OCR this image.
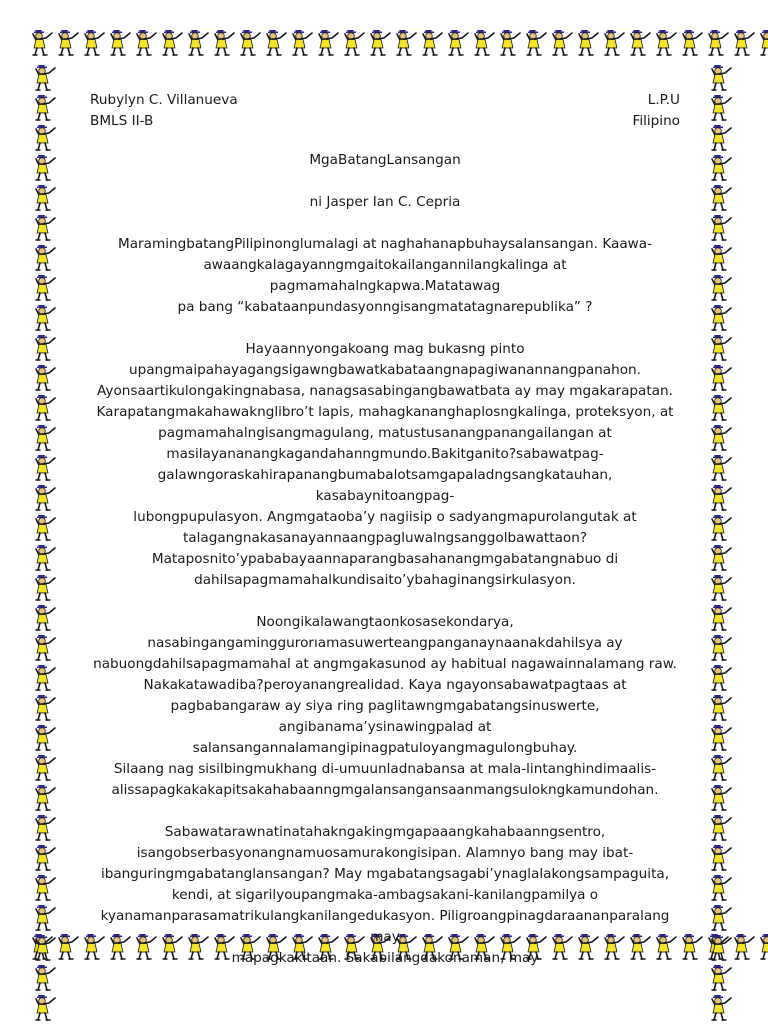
Rubylyn C. Villanueva
BMLS II-B
L.P.U
Filipino
MgaBatangLansangan
ni Jasper Ian C. Cepria
MaramingbatangPilipinonglumalagi at naghahanapbuhaysalansangan. Kaawa-
awaangkalagayanngmgaitokailangannilangkalinga at pagmamahalngkapwa.Matatawag
pa bang “kabataanpundasyonngisangmatatagnarepublika” ?
Hayaannyongakoang mag bukasng pinto
upangmaipahayagangsigawngbawatkabataangnapagiwanannangpanahon.
Ayonsaartikulongakingnabasa, nanagsasabingangbawatbata ay may mgakarapatan.
Karapatangmakahawaknglibro’t lapis, mahagkananghaplosngkalinga, proteksyon, at
pagmamahalngisangmagulang, matustusanangpanangailangan at
masilayananangkagandahanngmundo.Bakitganito?sabawatpag-
galawngoraskahirapanangbumabalotsamgapaladngsangkatauhan, kasabaynitoangpag-
lubongpupulasyon. Angmgataoba’y nagiisip o sadyangmapurolangutak at
talagangnakasanayannaangpagluwalngsanggolbawattaon?
Mataposnito’ypababayaannaparangbasahanangmgabatangnabuo di
dahilsapagmamahalkundisaito’ybahaginangsirkulasyon.
Noongikalawangtaonkosasekondarya,
nasabingangaminggurorıamasuwerteangpanganaynaanakdahilsya ay
nabuongdahilsapagmamahal at angmgakasunod ay habitual nagawainnalamang raw.
Nakakatawadiba?peroyanangrealidad. Kaya ngayonsabawatpagtaas at
pagbabangaraw ay siya ring paglitawngmgabatangsinuswerte,
angibanama’ysinawingpalad at salansangannalamangipinagpatuloyangmagulongbuhay.
Silaang nag sisilbingmukhang di-umuunladnabansa at mala-lintanghindimaalis-
alissapagkakakapitsakahabaanngmgalansangansaanmangsulokngkamundohan.
Sabawatarawnatinatahakngakingmgapaaangkahabaanngsentro,
isangobserbasyonangnamuosamurakongisipan. Alamnyo bang may ibat-
ibanguringmgabatanglansangan? May mgabatangsagabi’ynaglalakongsampaguita,
kendi, at sigarilyoupangmaka-ambagsakani-kanilangpamilya o
kyanamanparasamatrikulangkanilangedukasyon. Piligroangpinagdaraananparalang may
mapagkakitaan. Sakabilangdakonaman, may
